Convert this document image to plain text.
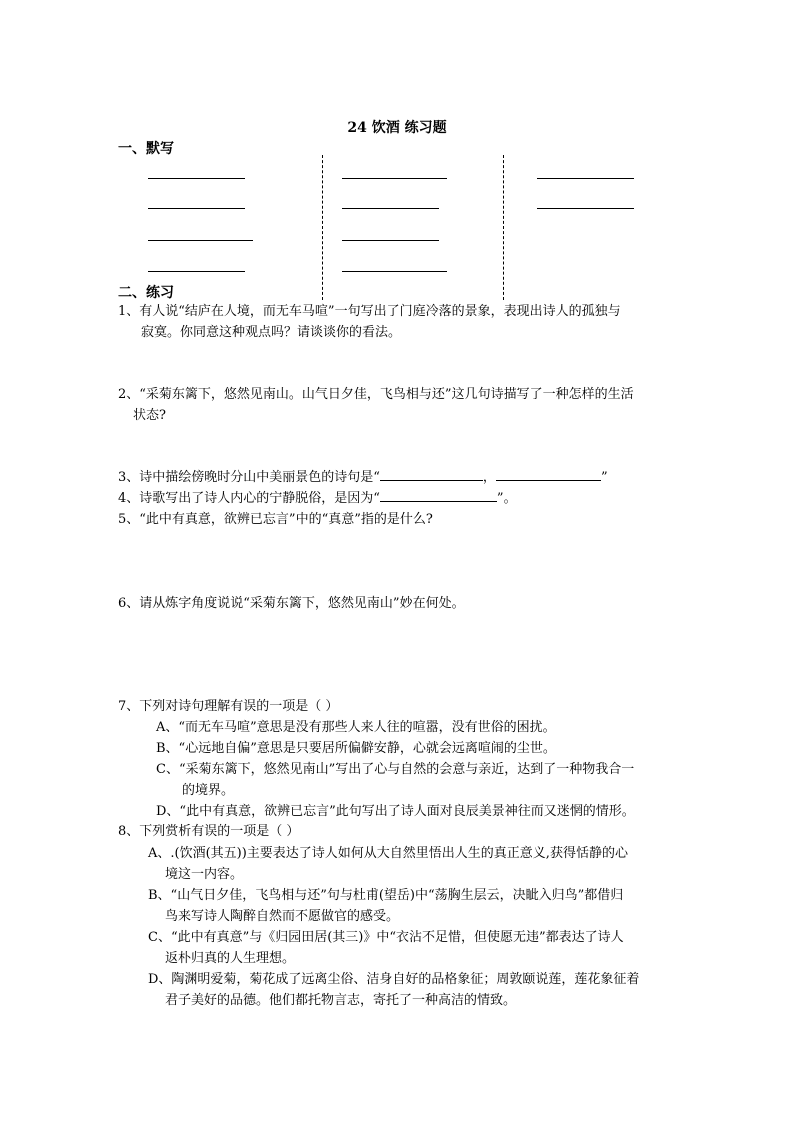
24 饮酒 练习题
一、默写
二、练习
1、有人说“结庐在人境，而无车马喧”一句写出了门庭冷落的景象，表现出诗人的孤独与
寂寞。你同意这种观点吗？请谈谈你的看法。
2、“采菊东篱下，悠然见南山。山气日夕佳，飞鸟相与还”这几句诗描写了一种怎样的生活
状态?
3、诗中描绘傍晚时分山中美丽景色的诗句是“	，	”
4、诗歌写出了诗人内心的宁静脱俗，是因为“	”。
5、“此中有真意，欲辨已忘言”中的“真意”指的是什么?
6、请从炼字角度说说“采菊东篱下，悠然见南山”妙在何处。
7、下列对诗句理解有误的一项是（ ）
A、“而无车马喧”意思是没有那些人来人往的喧嚣，没有世俗的困扰。
B、“心远地自偏”意思是只要居所偏僻安静，心就会远离喧闹的尘世。
C、“采菊东篱下，悠然见南山”写出了心与自然的会意与亲近，达到了一种物我合一
的境界。
D、“此中有真意，欲辨已忘言”此句写出了诗人面对良辰美景神往而又迷惘的情形。
8、下列赏析有误的一项是（ ）
A、.(饮酒(其五))主要表达了诗人如何从大自然里悟出人生的真正意义,获得恬静的心
境这一内容。
B、“山气日夕佳，飞鸟相与还”句与杜甫(望岳)中“荡胸生层云，决眦入归鸟”都借归
鸟来写诗人陶醉自然而不愿做官的感受。
C、“此中有真意”与《归园田居(其三)》中“衣沾不足惜，但使愿无违”都表达了诗人
返朴归真的人生理想。
D、陶渊明爱菊，菊花成了远离尘俗、洁身自好的品格象征；周敦颐说莲，莲花象征着
君子美好的品德。他们都托物言志，寄托了一种高洁的情致。
